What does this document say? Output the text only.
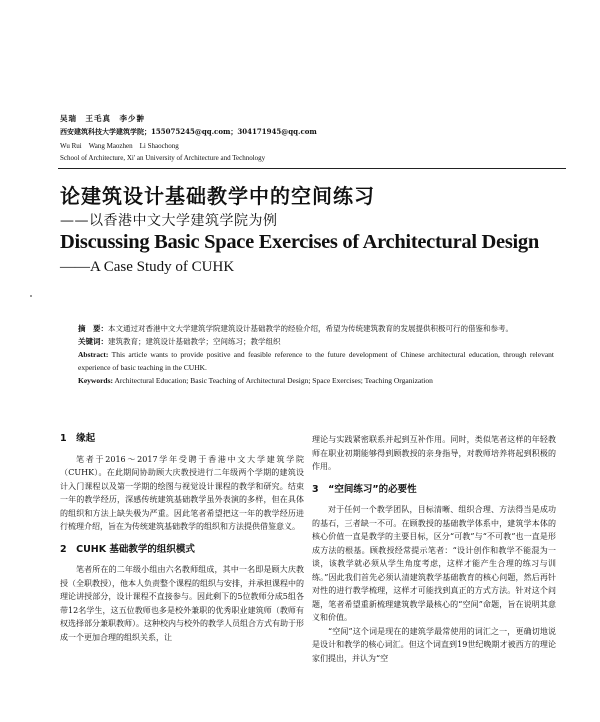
吴瑞　王毛真　李少翀
西安建筑科技大学建筑学院；155075245@qq.com；304171945@qq.com
Wu Rui　Wang Maozhen　Li Shaochong
School of Architecture, Xi' an University of Architecture and Technology
论建筑设计基础教学中的空间练习
——以香港中文大学建筑学院为例
Discussing Basic Space Exercises of Architectural Design
——A Case Study of CUHK

摘　要：本文通过对香港中文大学建筑学院建筑设计基础教学的经验介绍，希望为传统建筑教育的发展提供积极可行的借鉴和参考。

关键词：建筑教育；建筑设计基础教学；空间练习；教学组织

Abstract: This article wants to provide positive and feasible reference to the future development of Chinese architectural education, through relevant experience of basic teaching in the CUHK.

Keywords: Architectural Education; Basic Teaching of Architectural Design; Space Exercises; Teaching Organization

1　缘起

笔者于2016～2017学年受聘于香港中文大学建筑学院（CUHK）。在此期间协助顾大庆教授进行二年级两个学期的建筑设计入门课程以及第一学期的绘图与视觉设计课程的教学和研究。结束一年的教学经历，深感传统建筑基础教学虽外表演的多样，但在具体的组织和方法上缺失极为严重。因此笔者希望把这一年的教学经历进行梳理介绍，旨在为传统建筑基础教学的组织和方法提供借鉴意义。

2　CUHK 基础教学的组织模式

笔者所在的二年级小组由六名教师组成，其中一名即是顾大庆教授（全职教授），他本人负责整个课程的组织与安排，并承担课程中的理论讲授部分，设计课程不直接参与。因此剩下的5位教师分成5组各带12名学生，这五位教师也多是校外兼职的优秀职业建筑师（教师有权选择部分兼职教师）。这种校内与校外的教学人员组合方式有助于形成一个更加合理的组织关系，让

理论与实践紧密联系并起到互补作用。同时，类似笔者这样的年轻教师在职业初期能够得到顾教授的亲身指导，对教师培养将起到积极的作用。

3　“空间练习”的必要性

对于任何一个教学团队，目标清晰、组织合理、方法得当是成功的基石，三者缺一不可。在顾教授的基础教学体系中，建筑学本体的核心价值一直是教学的主要目标，区分“可教”与“不可教”也一直是形成方法的根基。顾教授经常提示笔者：“设计创作和教学不能混为一谈，该教学就必须从学生角度考虑，这样才能产生合理的练习与训练。”因此我们首先必须认清建筑教学基础教育的核心问题，然后再针对性的进行教学梳理，这样才可能找到真正的方式方法。针对这个问题，笔者希望重新梳理建筑教学最核心的“空间”命题，旨在说明其意义和价值。

“空间”这个词是现在的建筑学最常使用的词汇之一，更确切地说是设计和教学的核心词汇。但这个词直到19世纪晚期才被西方的理论家们提出，并认为“空
